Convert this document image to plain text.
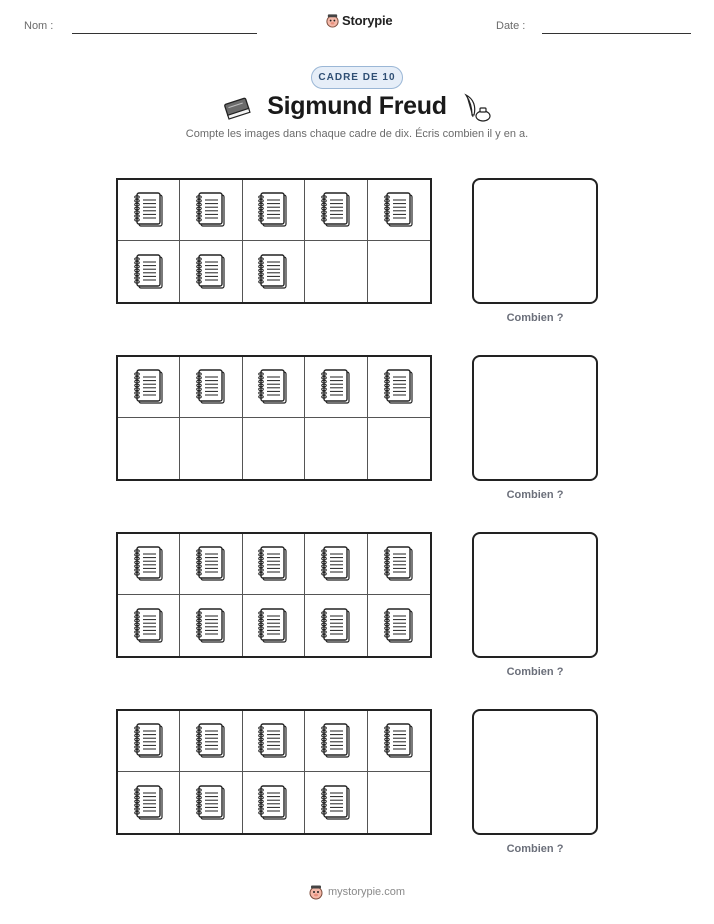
Nom :	Storypie	Date :
CADRE DE 10
Sigmund Freud
Compte les images dans chaque cadre de dix. Écris combien il y en a.
Combien ?
Combien ?
Combien ?
Combien ?
mystorypie.com
